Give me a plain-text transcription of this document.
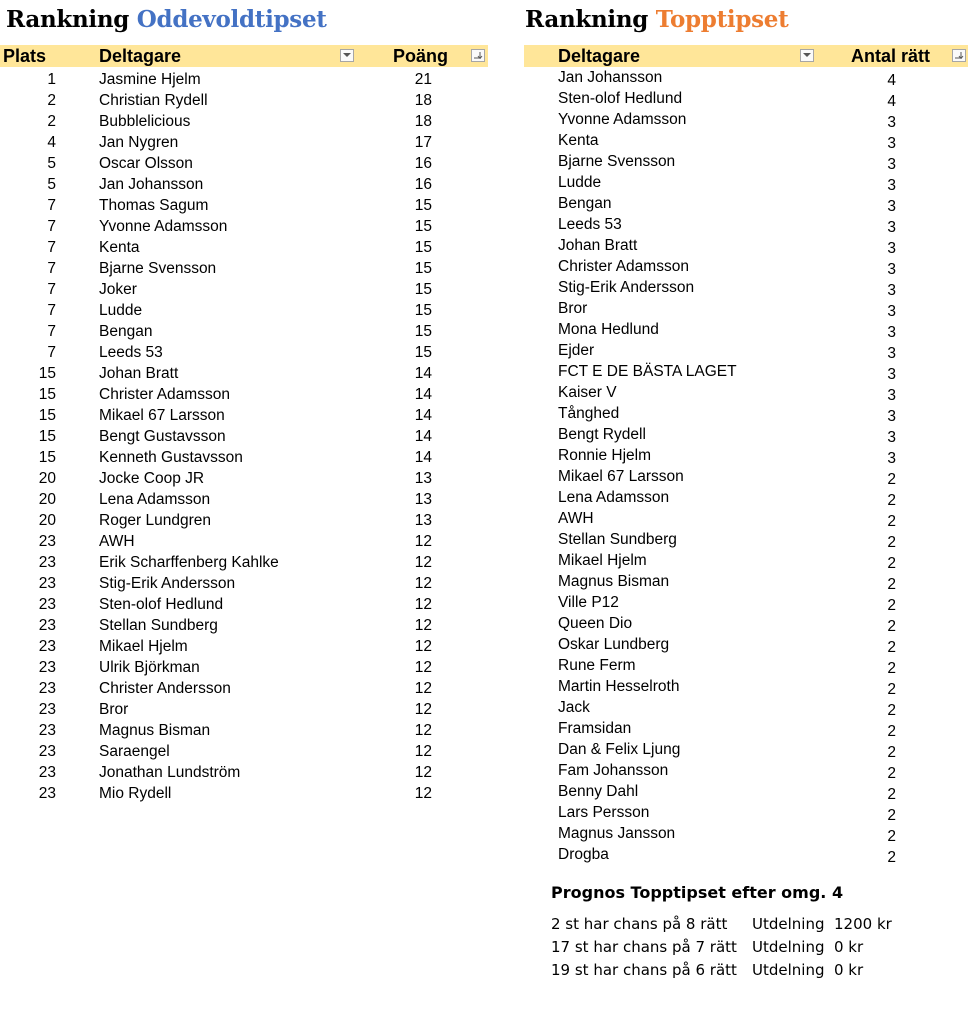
Rankning Oddevoldtipset	Rankning Topptipset
Plats	Deltagare	Poäng	Deltagare	Antal rätt
1	Jasmine Hjelm	21
2	Christian Rydell	18
2	Bubblelicious	18
4	Jan Nygren	17
5	Oscar Olsson	16
5	Jan Johansson	16
7	Thomas Sagum	15
7	Yvonne Adamsson	15
7	Kenta	15
7	Bjarne Svensson	15
7	Joker	15
7	Ludde	15
7	Bengan	15
7	Leeds 53	15
15	Johan Bratt	14
15	Christer Adamsson	14
15	Mikael 67 Larsson	14
15	Bengt Gustavsson	14
15	Kenneth Gustavsson	14
20	Jocke Coop JR	13
20	Lena Adamsson	13
20	Roger Lundgren	13
23	AWH	12
23	Erik Scharffenberg Kahlke	12
23	Stig-Erik Andersson	12
23	Sten-olof Hedlund	12
23	Stellan Sundberg	12
23	Mikael Hjelm	12
23	Ulrik Björkman	12
23	Christer Andersson	12
23	Bror	12
23	Magnus Bisman	12
23	Saraengel	12
23	Jonathan Lundström	12
23	Mio Rydell	12
Jan Johansson	4
Sten-olof Hedlund	4
Yvonne Adamsson	3
Kenta	3
Bjarne Svensson	3
Ludde	3
Bengan	3
Leeds 53	3
Johan Bratt	3
Christer Adamsson	3
Stig-Erik Andersson	3
Bror	3
Mona Hedlund	3
Ejder	3
FCT E DE BÄSTA LAGET	3
Kaiser V	3
Tånghed	3
Bengt Rydell	3
Ronnie Hjelm	3
Mikael 67 Larsson	2
Lena Adamsson	2
AWH	2
Stellan Sundberg	2
Mikael Hjelm	2
Magnus Bisman	2
Ville P12	2
Queen Dio	2
Oskar Lundberg	2
Rune Ferm	2
Martin Hesselroth	2
Jack	2
Framsidan	2
Dan & Felix Ljung	2
Fam Johansson	2
Benny Dahl	2
Lars Persson	2
Magnus Jansson	2
Drogba	2
Prognos Topptipset efter omg. 4
2 st har chans på 8 rätt Utdelning 1200 kr
17 st har chans på 7 rätt Utdelning 0 kr
19 st har chans på 6 rätt Utdelning 0 kr
